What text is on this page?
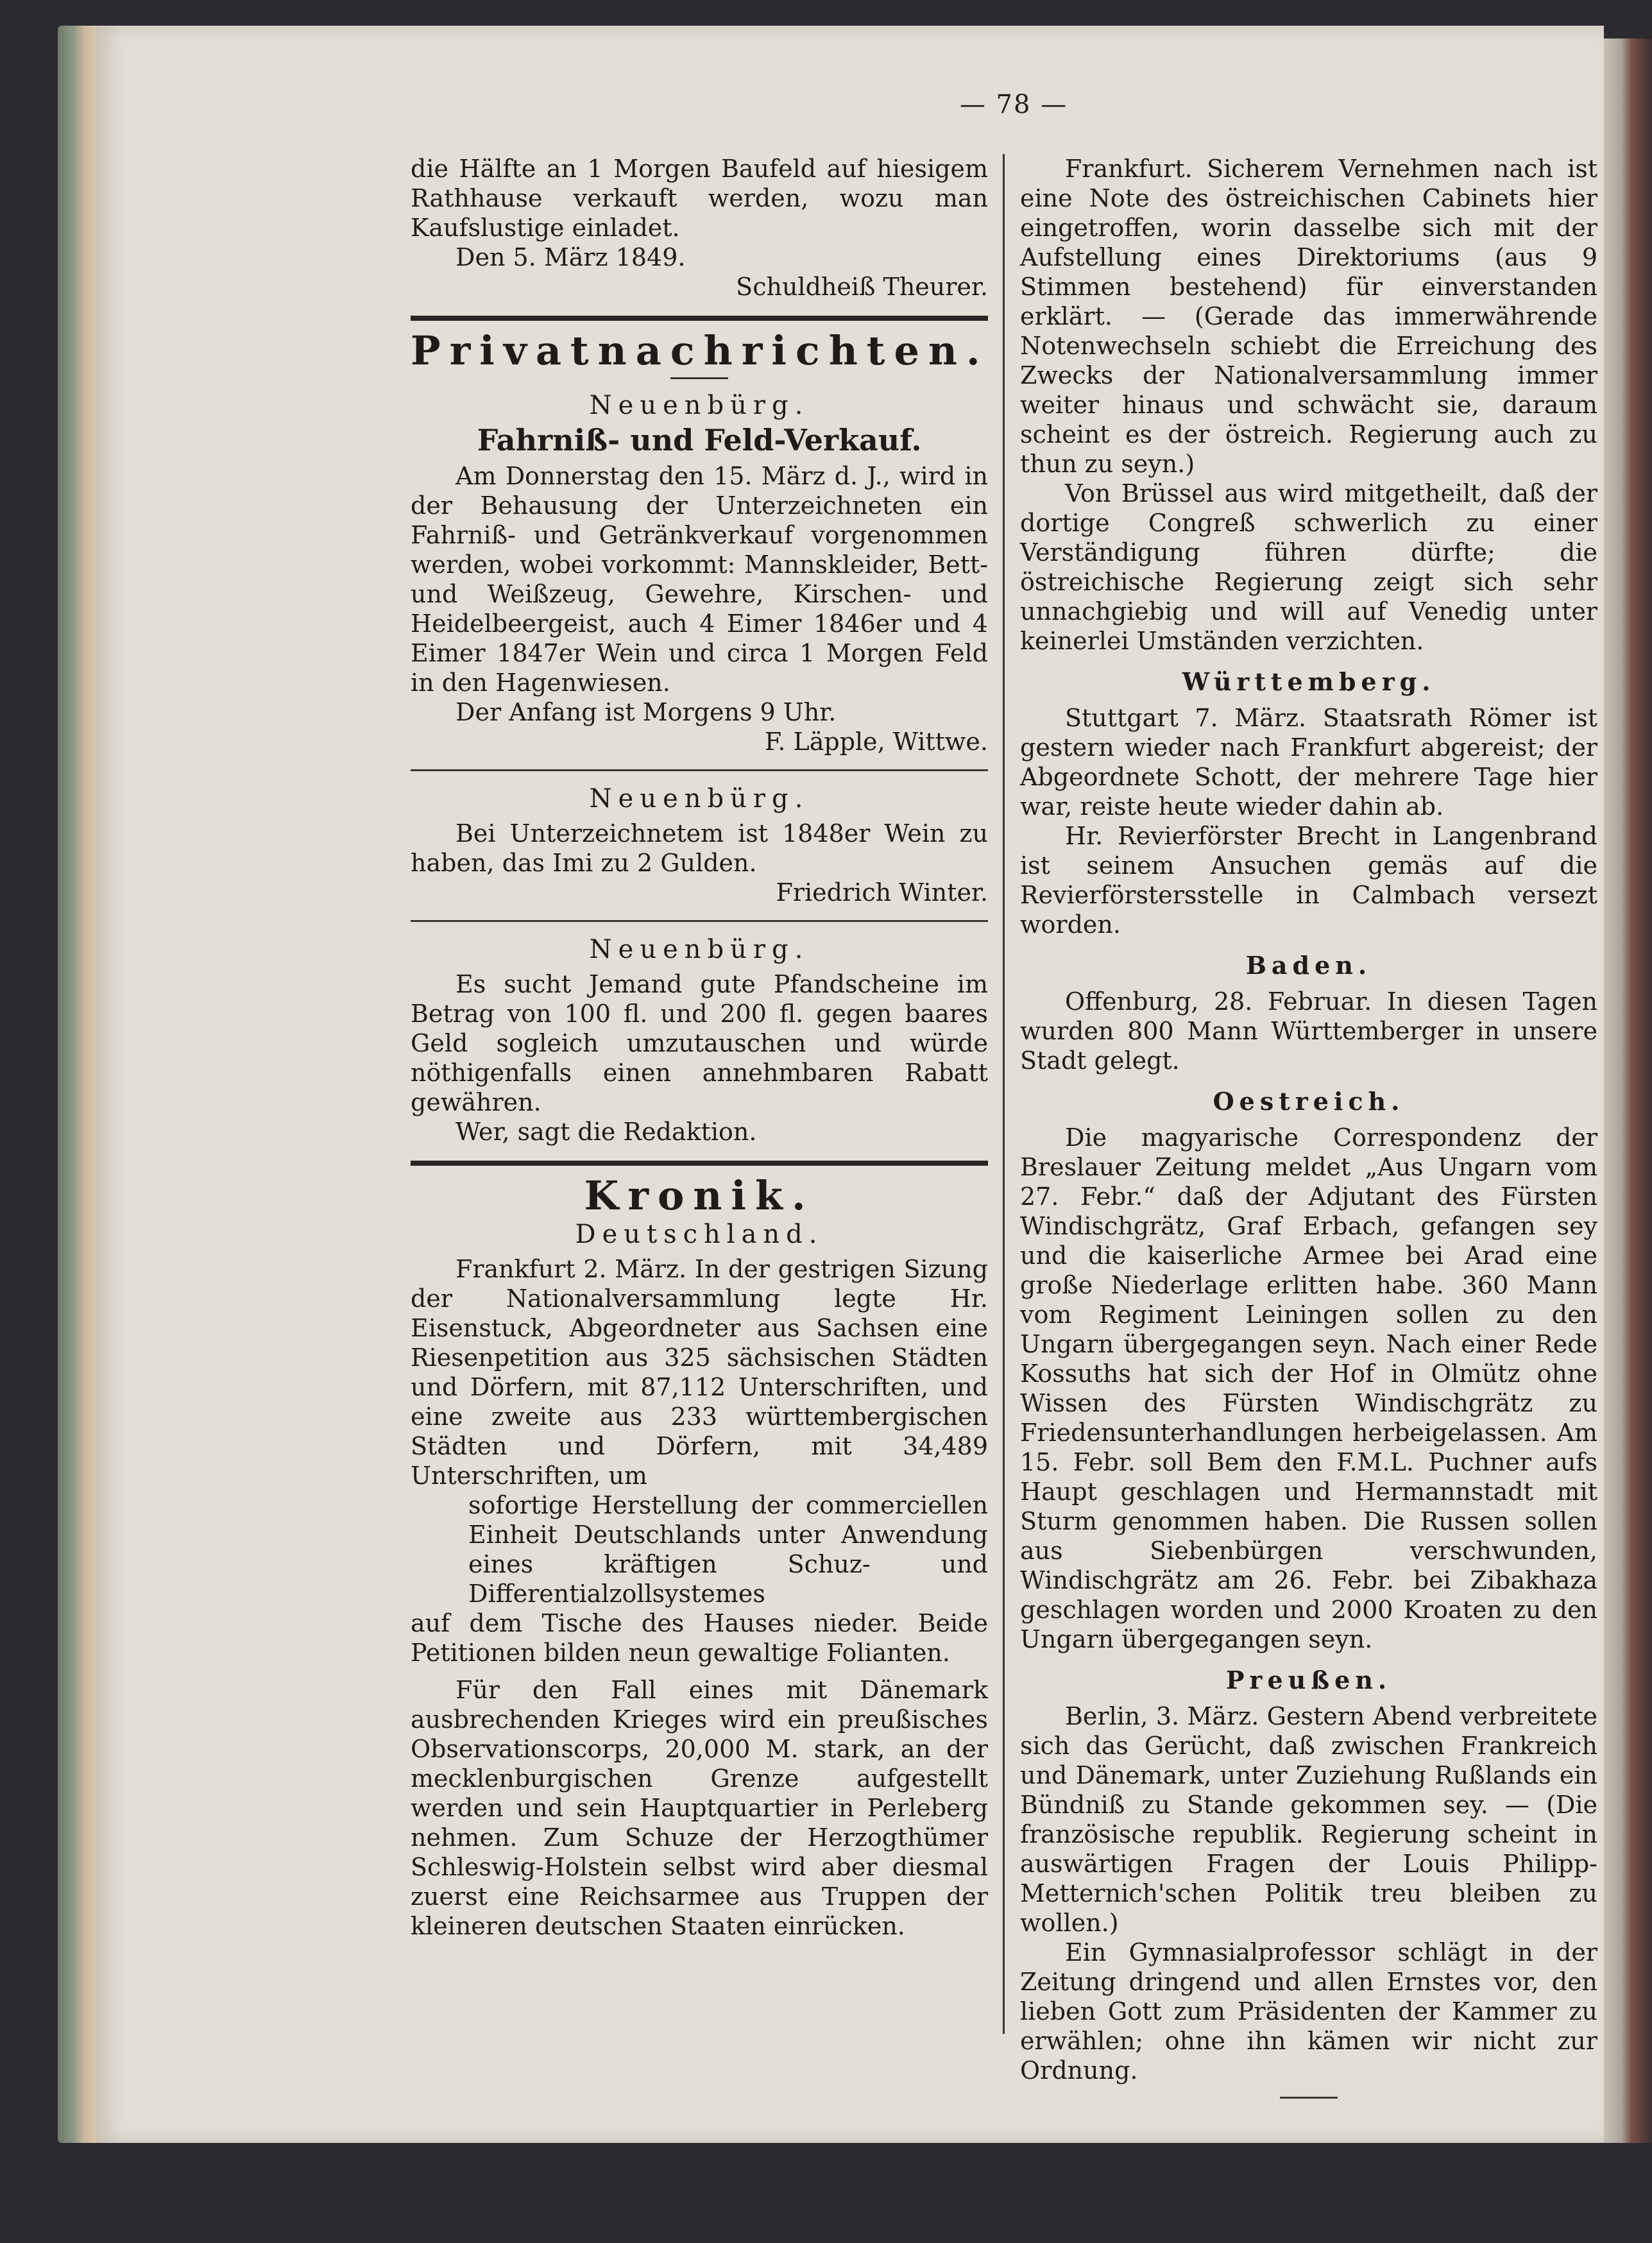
— 78 —

die Hälfte an 1 Morgen Baufeld auf hiesigem Rathhause verkauft werden, wozu man Kaufslustige einladet.

Den 5. März 1849.

Schuldheiß Theurer.

Privatnachrichten.
Neuenbürg.
Fahrniß- und Feld-Verkauf.

Am Donnerstag den 15. März d. J., wird in der Behausung der Unterzeichneten ein Fahrniß- und Getränkverkauf vorgenommen werden, wobei vorkommt: Mannskleider, Bett- und Weißzeug, Gewehre, Kirschen- und Heidelbeergeist, auch 4 Eimer 1846er und 4 Eimer 1847er Wein und circa 1 Morgen Feld in den Hagenwiesen.

Der Anfang ist Morgens 9 Uhr.

F. Läpple, Wittwe.

Neuenbürg.

Bei Unterzeichnetem ist 1848er Wein zu haben, das Imi zu 2 Gulden.

Friedrich Winter.

Neuenbürg.

Es sucht Jemand gute Pfandscheine im Betrag von 100 fl. und 200 fl. gegen baares Geld sogleich umzutauschen und würde nöthigenfalls einen annehmbaren Rabatt gewähren.

Wer, sagt die Redaktion.

Kronik.
Deutschland.

Frankfurt 2. März. In der gestrigen Sizung der Nationalversammlung legte Hr. Eisenstuck, Abgeordneter aus Sachsen eine Riesenpetition aus 325 sächsischen Städten und Dörfern, mit 87,112 Unterschriften, und eine zweite aus 233 württembergischen Städten und Dörfern, mit 34,489 Unterschriften, um

sofortige Herstellung der commerciellen Einheit Deutschlands unter Anwendung eines kräftigen Schuz- und Differentialzollsystemes

auf dem Tische des Hauses nieder. Beide Petitionen bilden neun gewaltige Folianten.

Für den Fall eines mit Dänemark ausbrechenden Krieges wird ein preußisches Observationscorps, 20,000 M. stark, an der mecklenburgischen Grenze aufgestellt werden und sein Hauptquartier in Perleberg nehmen. Zum Schuze der Herzogthümer Schleswig-Holstein selbst wird aber diesmal zuerst eine Reichsarmee aus Truppen der kleineren deutschen Staaten einrücken.

Frankfurt. Sicherem Vernehmen nach ist eine Note des östreichischen Cabinets hier eingetroffen, worin dasselbe sich mit der Aufstellung eines Direktoriums (aus 9 Stimmen bestehend) für einverstanden erklärt. — (Gerade das immerwährende Notenwechseln schiebt die Erreichung des Zwecks der Nationalversammlung immer weiter hinaus und schwächt sie, daraum scheint es der östreich. Regierung auch zu thun zu seyn.)

Von Brüssel aus wird mitgetheilt, daß der dortige Congreß schwerlich zu einer Verständigung führen dürfte; die östreichische Regierung zeigt sich sehr unnachgiebig und will auf Venedig unter keinerlei Umständen verzichten.

Württemberg.

Stuttgart 7. März. Staatsrath Römer ist gestern wieder nach Frankfurt abgereist; der Abgeordnete Schott, der mehrere Tage hier war, reiste heute wieder dahin ab.

Hr. Revierförster Brecht in Langenbrand ist seinem Ansuchen gemäs auf die Revierförstersstelle in Calmbach versezt worden.

Baden.

Offenburg, 28. Februar. In diesen Tagen wurden 800 Mann Württemberger in unsere Stadt gelegt.

Oestreich.

Die magyarische Correspondenz der Breslauer Zeitung meldet „Aus Ungarn vom 27. Febr.“ daß der Adjutant des Fürsten Windischgrätz, Graf Erbach, gefangen sey und die kaiserliche Armee bei Arad eine große Niederlage erlitten habe. 360 Mann vom Regiment Leiningen sollen zu den Ungarn übergegangen seyn. Nach einer Rede Kossuths hat sich der Hof in Olmütz ohne Wissen des Fürsten Windischgrätz zu Friedensunterhandlungen herbeigelassen. Am 15. Febr. soll Bem den F.M.L. Puchner aufs Haupt geschlagen und Hermannstadt mit Sturm genommen haben. Die Russen sollen aus Siebenbürgen verschwunden, Windischgrätz am 26. Febr. bei Zibakhaza geschlagen worden und 2000 Kroaten zu den Ungarn übergegangen seyn.

Preußen.

Berlin, 3. März. Gestern Abend verbreitete sich das Gerücht, daß zwischen Frankreich und Dänemark, unter Zuziehung Rußlands ein Bündniß zu Stande gekommen sey. — (Die französische republik. Regierung scheint in auswärtigen Fragen der Louis Philipp-Metternich'schen Politik treu bleiben zu wollen.)

Ein Gymnasialprofessor schlägt in der Zeitung dringend und allen Ernstes vor, den lieben Gott zum Präsidenten der Kammer zu erwählen; ohne ihn kämen wir nicht zur Ordnung.
